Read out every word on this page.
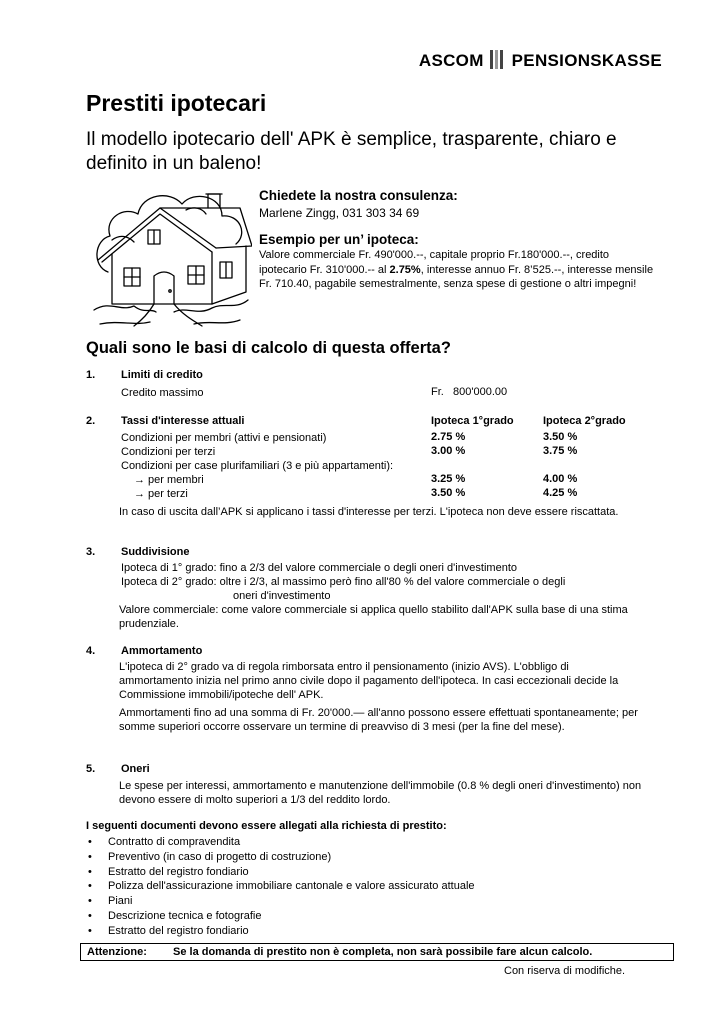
ASCOM PENSIONSKASSE
Prestiti ipotecari
Il modello ipotecario dell' APK è semplice, trasparente, chiaro e definito in un baleno!
Chiedete la nostra consulenza:
Marlene Zingg, 031 303 34 69
Esempio per un’ ipoteca:
Valore commerciale Fr. 490'000.--, capitale proprio Fr.180'000.--, credito ipotecario Fr. 310'000.-- al 2.75%, interesse annuo Fr. 8’525.--, interesse mensile Fr. 710.40, pagabile semestralmente, senza spese di gestione o altri impegni!
Quali sono le basi di calcolo di questa offerta?
1. Limiti di credito
Credito massimo	Fr. 800'000.00
2. Tassi d'interesse attuali	Ipoteca 1°grado	Ipoteca 2°grado
Condizioni per membri (attivi e pensionati)	2.75 %	3.50 %
Condizioni per terzi	3.00 %	3.75 %
Condizioni per case plurifamiliari (3 e più appartamenti):
→ per membri	3.25 %	4.00 %
→ per terzi	3.50 %	4.25 %
In caso di uscita dall’APK si applicano i tassi d'interesse per terzi. L'ipoteca non deve essere riscattata.
3. Suddivisione
Ipoteca di 1° grado: fino a 2/3 del valore commerciale o degli oneri d'investimento
Ipoteca di 2° grado: oltre i 2/3, al massimo però fino all'80 % del valore commerciale o degli
oneri d'investimento
Valore commerciale: come valore commerciale si applica quello stabilito dall'APK sulla base di una stima prudenziale.
4. Ammortamento
L'ipoteca di 2° grado va di regola rimborsata entro il pensionamento (inizio AVS). L'obbligo di ammortamento inizia nel primo anno civile dopo il pagamento dell'ipoteca. In casi eccezionali decide la Commissione immobili/ipoteche dell' APK.
Ammortamenti fino ad una somma di Fr. 20'000.— all'anno possono essere effettuati spontaneamente; per somme superiori occorre osservare un termine di preavviso di 3 mesi (per la fine del mese).
5. Oneri
Le spese per interessi, ammortamento e manutenzione dell'immobile (0.8 % degli oneri d'investimento) non devono essere di molto superiori a 1/3 del reddito lordo.
I seguenti documenti devono essere allegati alla richiesta di prestito:
• Contratto di compravendita
• Preventivo (in caso di progetto di costruzione)
• Estratto del registro fondiario
• Polizza dell'assicurazione immobiliare cantonale e valore assicurato attuale
• Piani
• Descrizione tecnica e fotografie
• Estratto del registro fondiario
Attenzione: Se la domanda di prestito non è completa, non sarà possibile fare alcun calcolo.
Con riserva di modifiche.
